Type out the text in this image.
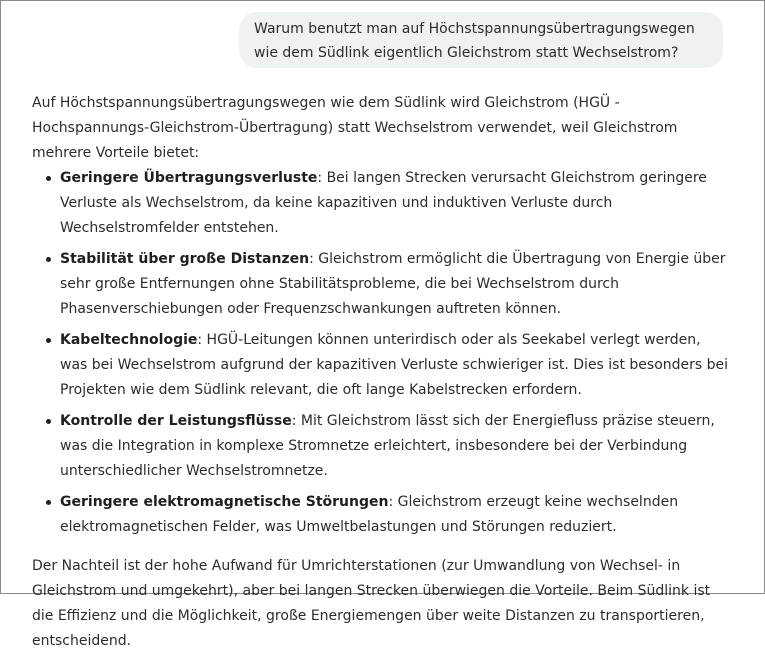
Warum benutzt man auf Höchstspannungsübertragungswegen wie dem Südlink eigentlich Gleichstrom statt Wechselstrom?

Auf Höchstspannungsübertragungswegen wie dem Südlink wird Gleichstrom (HGÜ - Hochspannungs-Gleichstrom-Übertragung) statt Wechselstrom verwendet, weil Gleichstrom mehrere Vorteile bietet:

Geringere Übertragungsverluste: Bei langen Strecken verursacht Gleichstrom geringere Verluste als Wechselstrom, da keine kapazitiven und induktiven Verluste durch Wechselstromfelder entstehen.
Stabilität über große Distanzen: Gleichstrom ermöglicht die Übertragung von Energie über sehr große Entfernungen ohne Stabilitätsprobleme, die bei Wechselstrom durch Phasenverschiebungen oder Frequenzschwankungen auftreten können.
Kabeltechnologie: HGÜ-Leitungen können unterirdisch oder als Seekabel verlegt werden, was bei Wechselstrom aufgrund der kapazitiven Verluste schwieriger ist. Dies ist besonders bei Projekten wie dem Südlink relevant, die oft lange Kabelstrecken erfordern.
Kontrolle der Leistungsflüsse: Mit Gleichstrom lässt sich der Energiefluss präzise steuern, was die Integration in komplexe Stromnetze erleichtert, insbesondere bei der Verbindung unterschiedlicher Wechselstromnetze.
Geringere elektromagnetische Störungen: Gleichstrom erzeugt keine wechselnden elektromagnetischen Felder, was Umweltbelastungen und Störungen reduziert.

Der Nachteil ist der hohe Aufwand für Umrichterstationen (zur Umwandlung von Wechsel- in Gleichstrom und umgekehrt), aber bei langen Strecken überwiegen die Vorteile. Beim Südlink ist die Effizienz und die Möglichkeit, große Energiemengen über weite Distanzen zu transportieren, entscheidend.
